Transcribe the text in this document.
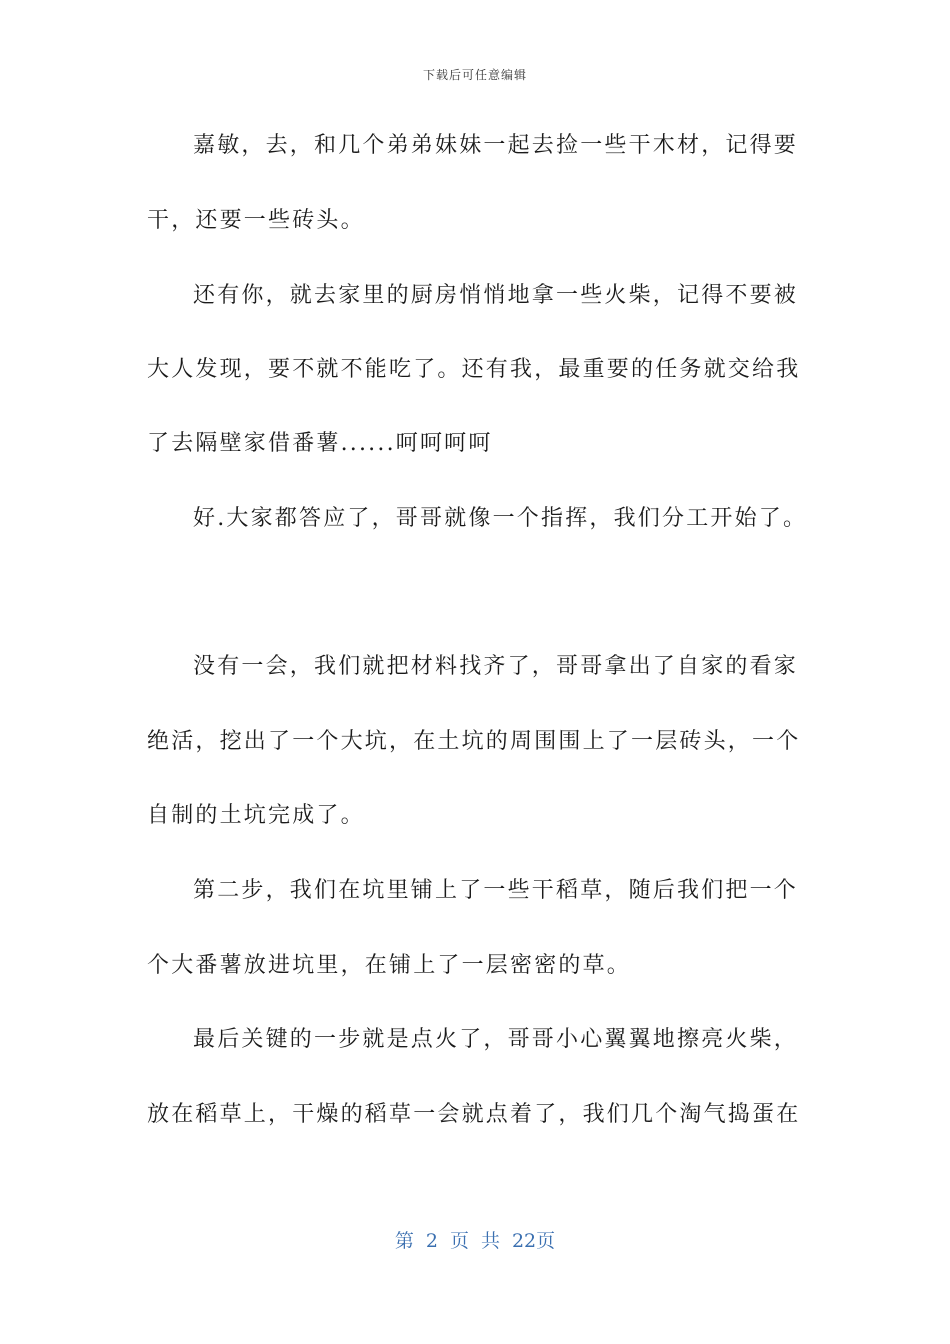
下载后可任意编辑
嘉敏，去，和几个弟弟妹妹一起去捡一些干木材，记得要
干，还要一些砖头。
还有你，就去家里的厨房悄悄地拿一些火柴，记得不要被
大人发现，要不就不能吃了。还有我，最重要的任务就交给我
了去隔壁家借番薯......呵呵呵呵
好.大家都答应了，哥哥就像一个指挥，我们分工开始了。
没有一会，我们就把材料找齐了，哥哥拿出了自家的看家
绝活，挖出了一个大坑，在土坑的周围围上了一层砖头，一个
自制的土坑完成了。
第二步，我们在坑里铺上了一些干稻草，随后我们把一个
个大番薯放进坑里，在铺上了一层密密的草。
最后关键的一步就是点火了，哥哥小心翼翼地擦亮火柴，
放在稻草上，干燥的稻草一会就点着了，我们几个淘气捣蛋在
第 2 页 共 22页
